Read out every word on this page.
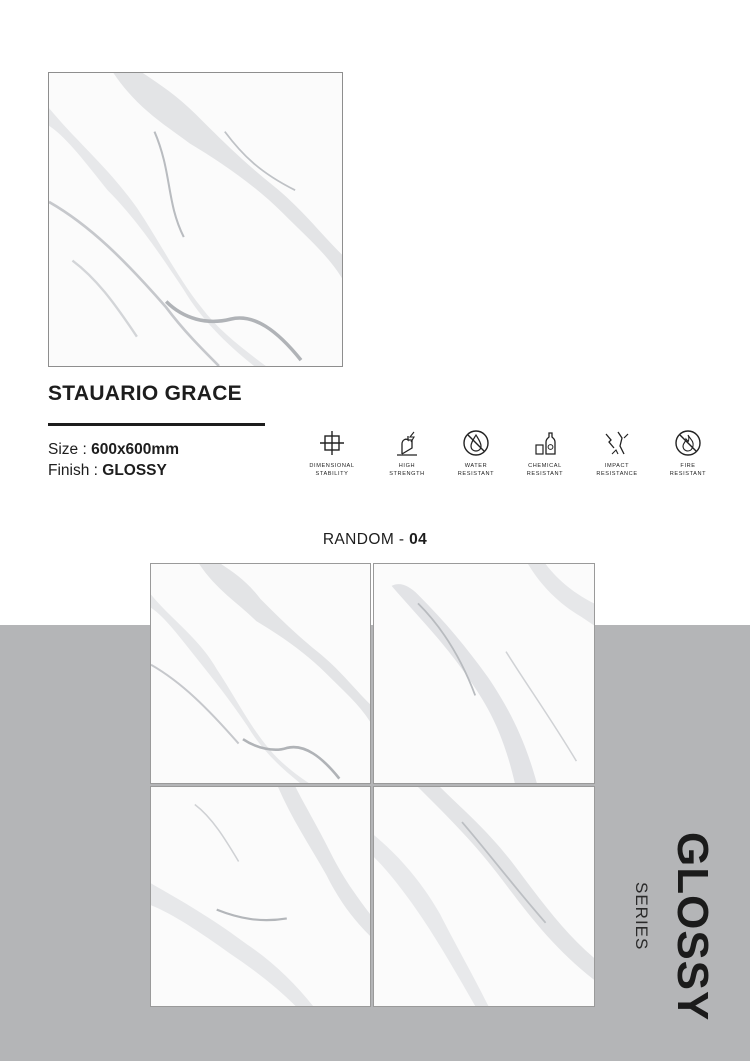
STAUARIO GRACE
Size : 600x600mm
Finish : GLOSSY	DIMENSIONAL
STABILITY
HIGH
STRENGTH
WATER
RESISTANT
CHEMICAL
RESISTANT
IMPACT
RESISTANCE
FIRE
RESISTANT
RANDOM - 04
GLOSSY
SERIES
